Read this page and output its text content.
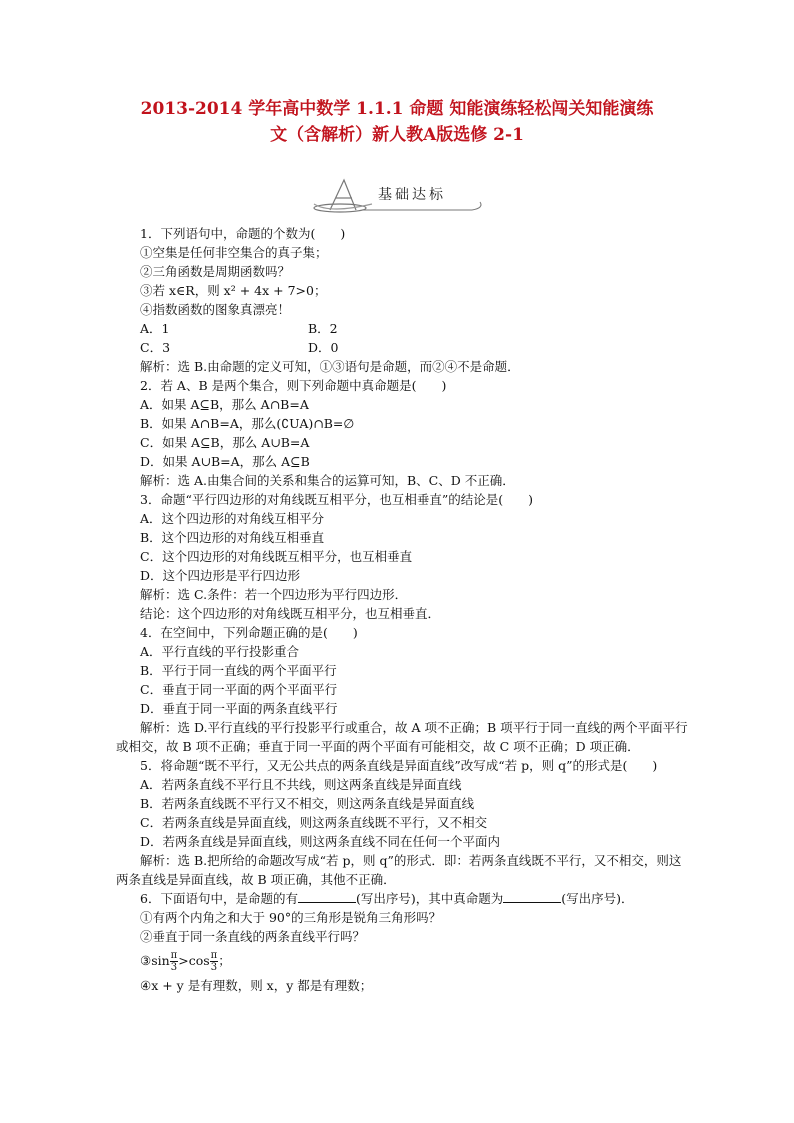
2013-2014 学年高中数学 1.1.1 命题 知能演练轻松闯关知能演练
文（含解析）新人教A版选修 2-1
基础达标
1．下列语句中，命题的个数为(　　)
①空集是任何非空集合的真子集；
②三角函数是周期函数吗？
③若 x∈R，则 x² + 4x + 7>0；
④指数函数的图象真漂亮！
A．1	B．2
C．3	D．0
解析：选 B.由命题的定义可知，①③语句是命题，而②④不是命题．
2．若 A、B 是两个集合，则下列命题中真命题是(　　)
A．如果 A⊆B，那么 A∩B=A
B．如果 A∩B=A，那么(∁UA)∩B=∅
C．如果 A⊆B，那么 A∪B=A
D．如果 A∪B=A，那么 A⊆B
解析：选 A.由集合间的关系和集合的运算可知，B、C、D 不正确．
3．命题“平行四边形的对角线既互相平分，也互相垂直”的结论是(　　)
A．这个四边形的对角线互相平分
B．这个四边形的对角线互相垂直
C．这个四边形的对角线既互相平分，也互相垂直
D．这个四边形是平行四边形
解析：选 C.条件：若一个四边形为平行四边形．
结论：这个四边形的对角线既互相平分，也互相垂直．
4．在空间中，下列命题正确的是(　　)
A．平行直线的平行投影重合
B．平行于同一直线的两个平面平行
C．垂直于同一平面的两个平面平行
D．垂直于同一平面的两条直线平行
解析：选 D.平行直线的平行投影平行或重合，故 A 项不正确；B 项平行于同一直线的两个平面平行或相交，故 B 项不正确；垂直于同一平面的两个平面有可能相交，故 C 项不正确；D 项正确．
5．将命题“既不平行，又无公共点的两条直线是异面直线”改写成“若 p，则 q”的形式是(　　)
A．若两条直线不平行且不共线，则这两条直线是异面直线
B．若两条直线既不平行又不相交，则这两条直线是异面直线
C．若两条直线是异面直线，则这两条直线既不平行，又不相交
D．若两条直线是异面直线，则这两条直线不同在任何一个平面内
解析：选 B.把所给的命题改写成“若 p，则 q”的形式．即：若两条直线既不平行，又不相交，则这两条直线是异面直线，故 B 项正确，其他不正确．
6．下面语句中，是命题的有	(写出序号)，其中真命题为	(写出序号)．
①有两个内角之和大于 90°的三角形是锐角三角形吗？
②垂直于同一条直线的两条直线平行吗？
③sin $\frac{\pi}{3} >\cos \frac{\pi}{3}$ ；
④x + y 是有理数，则 x，y 都是有理数；
